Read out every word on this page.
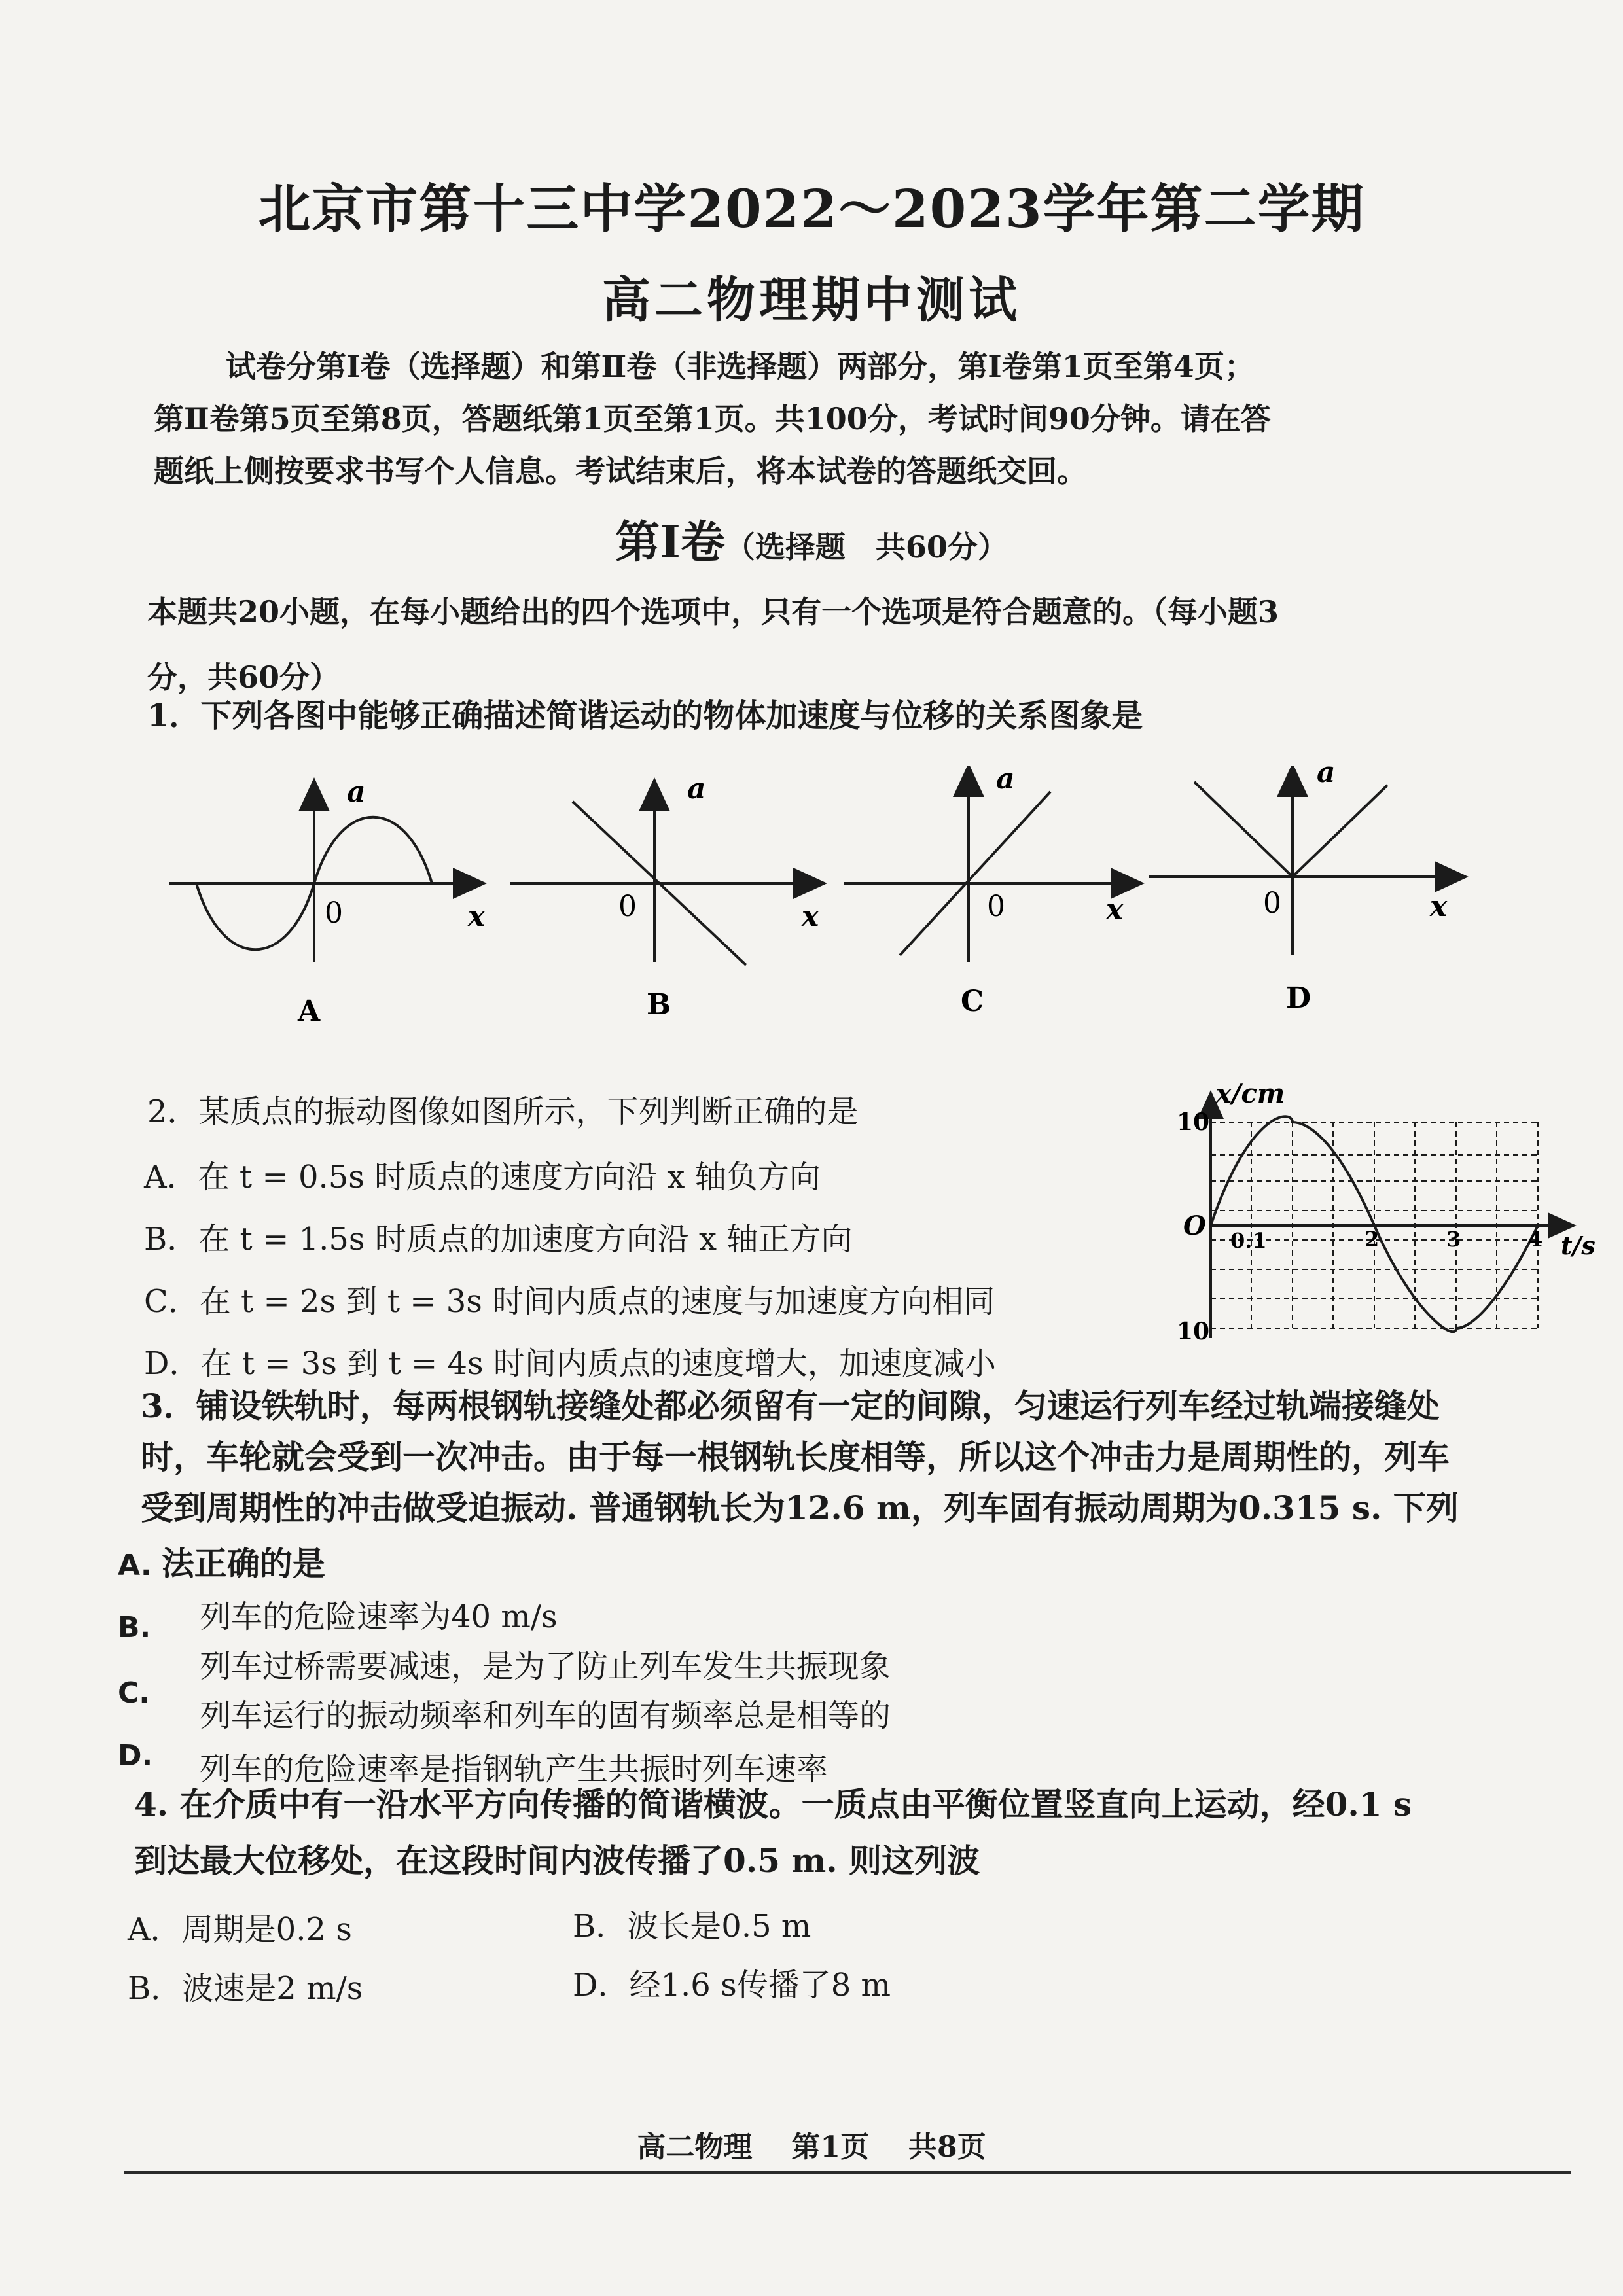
北京市第十三中学2022～2023学年第二学期
高二物理期中测试

试卷分第Ⅰ卷（选择题）和第Ⅱ卷（非选择题）两部分，第Ⅰ卷第1页至第4页；

第Ⅱ卷第5页至第8页，答题纸第1页至第1页。共100分，考试时间90分钟。请在答

题纸上侧按要求书写个人信息。考试结束后，将本试卷的答题纸交回。

第Ⅰ卷（选择题　共60分）

本题共20小题，在每小题给出的四个选项中，只有一个选项是符合题意的。（每小题3

分，共60分）

1．下列各图中能够正确描述简谐运动的物体加速度与位移的关系图象是
a
0	x
A
a
0	x
B
a
0	x
C
a
0	x
D
2．某质点的振动图像如图所示，下列判断正确的是
A．在 t = 0.5s 时质点的速度方向沿 x 轴负方向
B．在 t = 1.5s 时质点的加速度方向沿 x 轴正方向
C．在 t = 2s 到 t = 3s 时间内质点的速度与加速度方向相同
D．在 t = 3s 到 t = 4s 时间内质点的速度增大，加速度减小
x/cm
10
10
O 0.1	2	3	4 t/s

3．铺设铁轨时，每两根钢轨接缝处都必须留有一定的间隙，匀速运行列车经过轨端接缝处

时，车轮就会受到一次冲击。由于每一根钢轨长度相等，所以这个冲击力是周期性的，列车

受到周期性的冲击做受迫振动. 普通钢轨长为12.6 m，列车固有振动周期为0.315 s. 下列

A. 法正确的是
B.
C.
D.
列车的危险速率为40 m/s
列车过桥需要减速，是为了防止列车发生共振现象
列车运行的振动频率和列车的固有频率总是相等的
列车的危险速率是指钢轨产生共振时列车速率

4. 在介质中有一沿水平方向传播的简谐横波。一质点由平衡位置竖直向上运动，经0.1 s

到达最大位移处，在这段时间内波传播了0.5 m. 则这列波

A．周期是0.2 s	B．波长是0.5 m
B．波速是2 m/s	D．经1.6 s传播了8 m
高二物理 第1页 共8页
